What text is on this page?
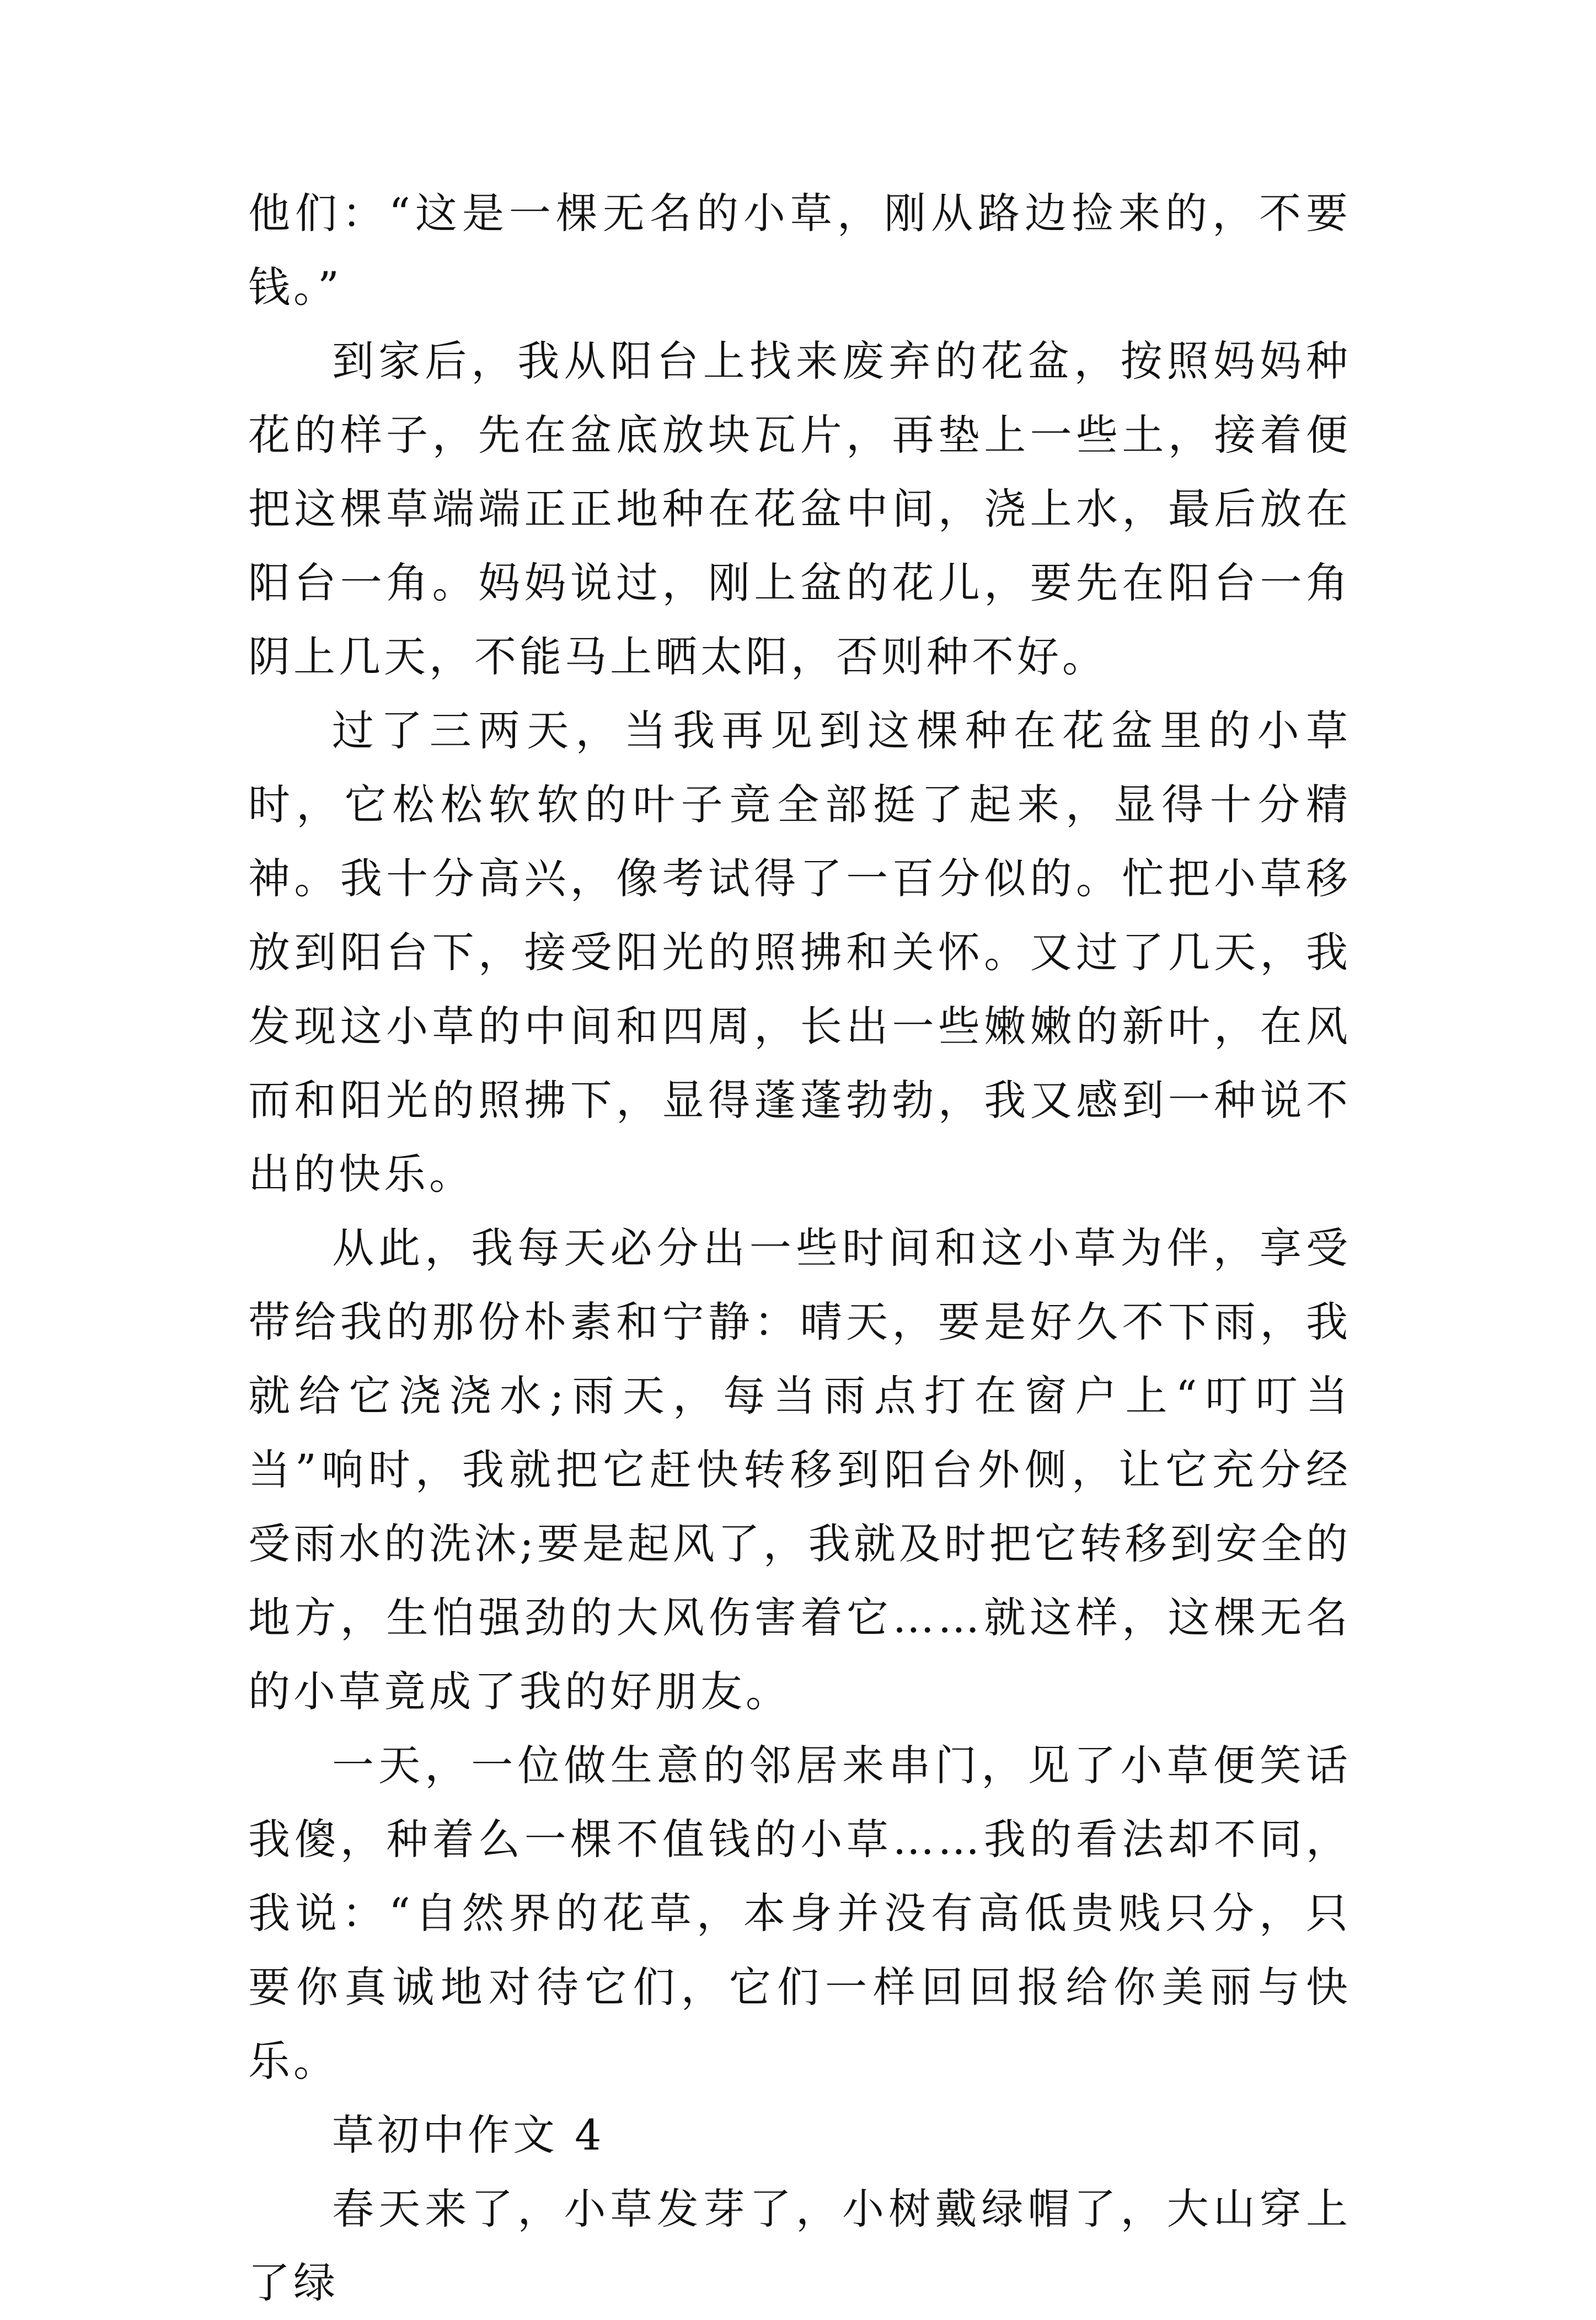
他们：“这是一棵无名的小草，刚从路边捡来的，不要钱。”

到家后，我从阳台上找来废弃的花盆，按照妈妈种花的样子，先在盆底放块瓦片，再垫上一些土，接着便把这棵草端端正正地种在花盆中间，浇上水，最后放在阳台一角。妈妈说过，刚上盆的花儿，要先在阳台一角阴上几天，不能马上晒太阳，否则种不好。

过了三两天，当我再见到这棵种在花盆里的小草时，它松松软软的叶子竟全部挺了起来，显得十分精神。我十分高兴，像考试得了一百分似的。忙把小草移放到阳台下，接受阳光的照拂和关怀。又过了几天，我发现这小草的中间和四周，长出一些嫩嫩的新叶，在风而和阳光的照拂下，显得蓬蓬勃勃，我又感到一种说不出的快乐。

从此，我每天必分出一些时间和这小草为伴，享受带给我的那份朴素和宁静：晴天，要是好久不下雨，我就给它浇浇水;雨天，每当雨点打在窗户上“叮叮当当”响时，我就把它赶快转移到阳台外侧，让它充分经受雨水的洗沐;要是起风了，我就及时把它转移到安全的地方，生怕强劲的大风伤害着它……就这样，这棵无名的小草竟成了我的好朋友。

一天，一位做生意的邻居来串门，见了小草便笑话我傻，种着么一棵不值钱的小草……我的看法却不同，我说：“自然界的花草，本身并没有高低贵贱只分，只要你真诚地对待它们，它们一样回回报给你美丽与快乐。

草初中作文 4

春天来了，小草发芽了，小树戴绿帽了，大山穿上了绿
